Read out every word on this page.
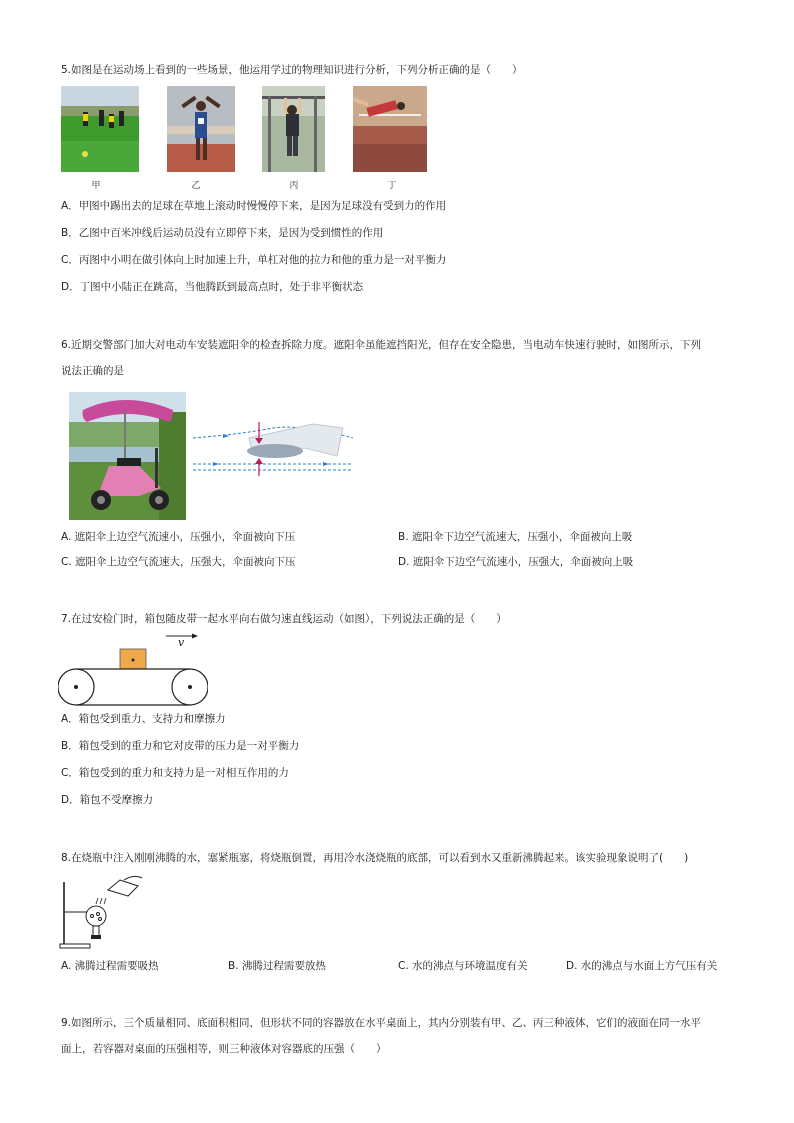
5.如图是在运动场上看到的一些场景，他运用学过的物理知识进行分析，下列分析正确的是（　　）
甲	乙	丙	丁
A．甲图中踢出去的足球在草地上滚动时慢慢停下来，是因为足球没有受到力的作用
B．乙图中百米冲线后运动员没有立即停下来，是因为受到惯性的作用
C．丙图中小明在做引体向上时加速上升，单杠对他的拉力和他的重力是一对平衡力
D．丁图中小陆正在跳高，当他腾跃到最高点时，处于非平衡状态
6.近期交警部门加大对电动车安装遮阳伞的检查拆除力度。遮阳伞虽能遮挡阳光，但存在安全隐患，当电动车快速行驶时，如图所示，下列
说法正确的是
A. 遮阳伞上边空气流速小，压强小，伞面被向下压	B. 遮阳伞下边空气流速大，压强小，伞面被向上吸
C. 遮阳伞上边空气流速大，压强大，伞面被向下压	D. 遮阳伞下边空气流速小，压强大，伞面被向上吸
7.在过安检门时，箱包随皮带一起水平向右做匀速直线运动（如图），下列说法正确的是（　　）
v
A．箱包受到重力、支持力和摩擦力
B．箱包受到的重力和它对皮带的压力是一对平衡力
C．箱包受到的重力和支持力是一对相互作用的力
D．箱包不受摩擦力
8.在烧瓶中注入刚刚沸腾的水，塞紧瓶塞，将烧瓶倒置，再用冷水浇烧瓶的底部，可以看到水又重新沸腾起来。该实验现象说明了(　　)
A. 沸腾过程需要吸热	B. 沸腾过程需要放热	C. 水的沸点与环境温度有关	D. 水的沸点与水面上方气压有关
9.如图所示，三个质量相同、底面积相同，但形状不同的容器放在水平桌面上，其内分别装有甲、乙、丙三种液体，它们的液面在同一水平
面上，若容器对桌面的压强相等，则三种液体对容器底的压强（　　）
